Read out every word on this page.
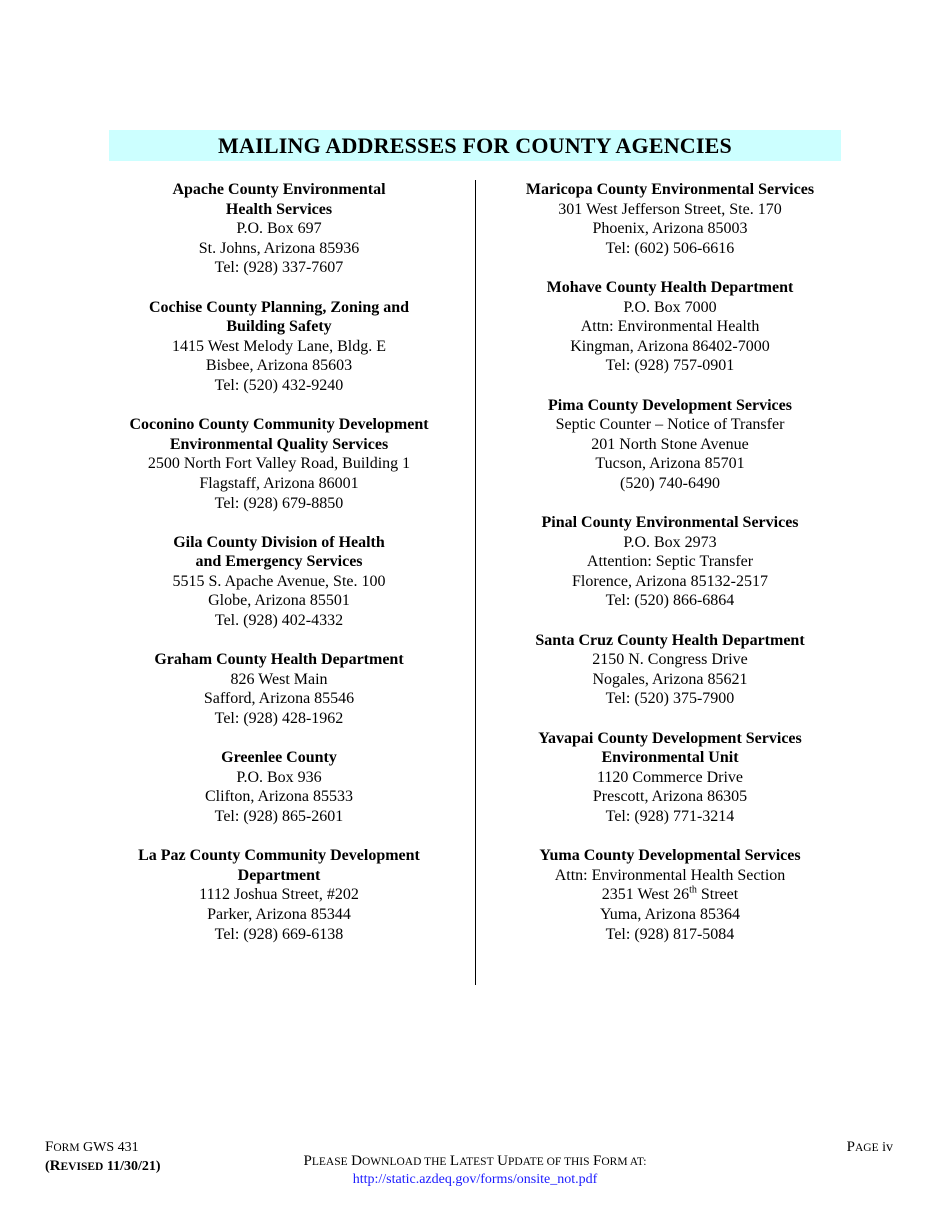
MAILING ADDRESSES FOR COUNTY AGENCIES
Apache County Environmental
Health Services
P.O. Box 697
St. Johns, Arizona 85936
Tel: (928) 337-7607
Cochise County Planning, Zoning and
Building Safety
1415 West Melody Lane, Bldg. E
Bisbee, Arizona 85603
Tel: (520) 432-9240
Coconino County Community Development
Environmental Quality Services
2500 North Fort Valley Road, Building 1
Flagstaff, Arizona 86001
Tel: (928) 679-8850
Gila County Division of Health
and Emergency Services
5515 S. Apache Avenue, Ste. 100
Globe, Arizona 85501
Tel. (928) 402-4332
Graham County Health Department
826 West Main
Safford, Arizona 85546
Tel: (928) 428-1962
Greenlee County
P.O. Box 936
Clifton, Arizona 85533
Tel: (928) 865-2601
La Paz County Community Development
Department
1112 Joshua Street, #202
Parker, Arizona 85344
Tel: (928) 669-6138
Maricopa County Environmental Services
301 West Jefferson Street, Ste. 170
Phoenix, Arizona 85003
Tel: (602) 506-6616
Mohave County Health Department
P.O. Box 7000
Attn: Environmental Health
Kingman, Arizona 86402-7000
Tel: (928) 757-0901
Pima County Development Services
Septic Counter – Notice of Transfer
201 North Stone Avenue
Tucson, Arizona 85701
(520) 740-6490
Pinal County Environmental Services
P.O. Box 2973
Attention: Septic Transfer
Florence, Arizona 85132-2517
Tel: (520) 866-6864
Santa Cruz County Health Department
2150 N. Congress Drive
Nogales, Arizona 85621
Tel: (520) 375-7900
Yavapai County Development Services
Environmental Unit
1120 Commerce Drive
Prescott, Arizona 86305
Tel: (928) 771-3214
Yuma County Developmental Services
Attn: Environmental Health Section
2351 West 26th Street
Yuma, Arizona 85364
Tel: (928) 817-5084
FORM GWS 431
(REVISED 11/30/21)	PLEASE DOWNLOAD THE LATEST UPDATE OF THIS FORM AT:
http://static.azdeq.gov/forms/onsite_not.pdf
PAGE iv
